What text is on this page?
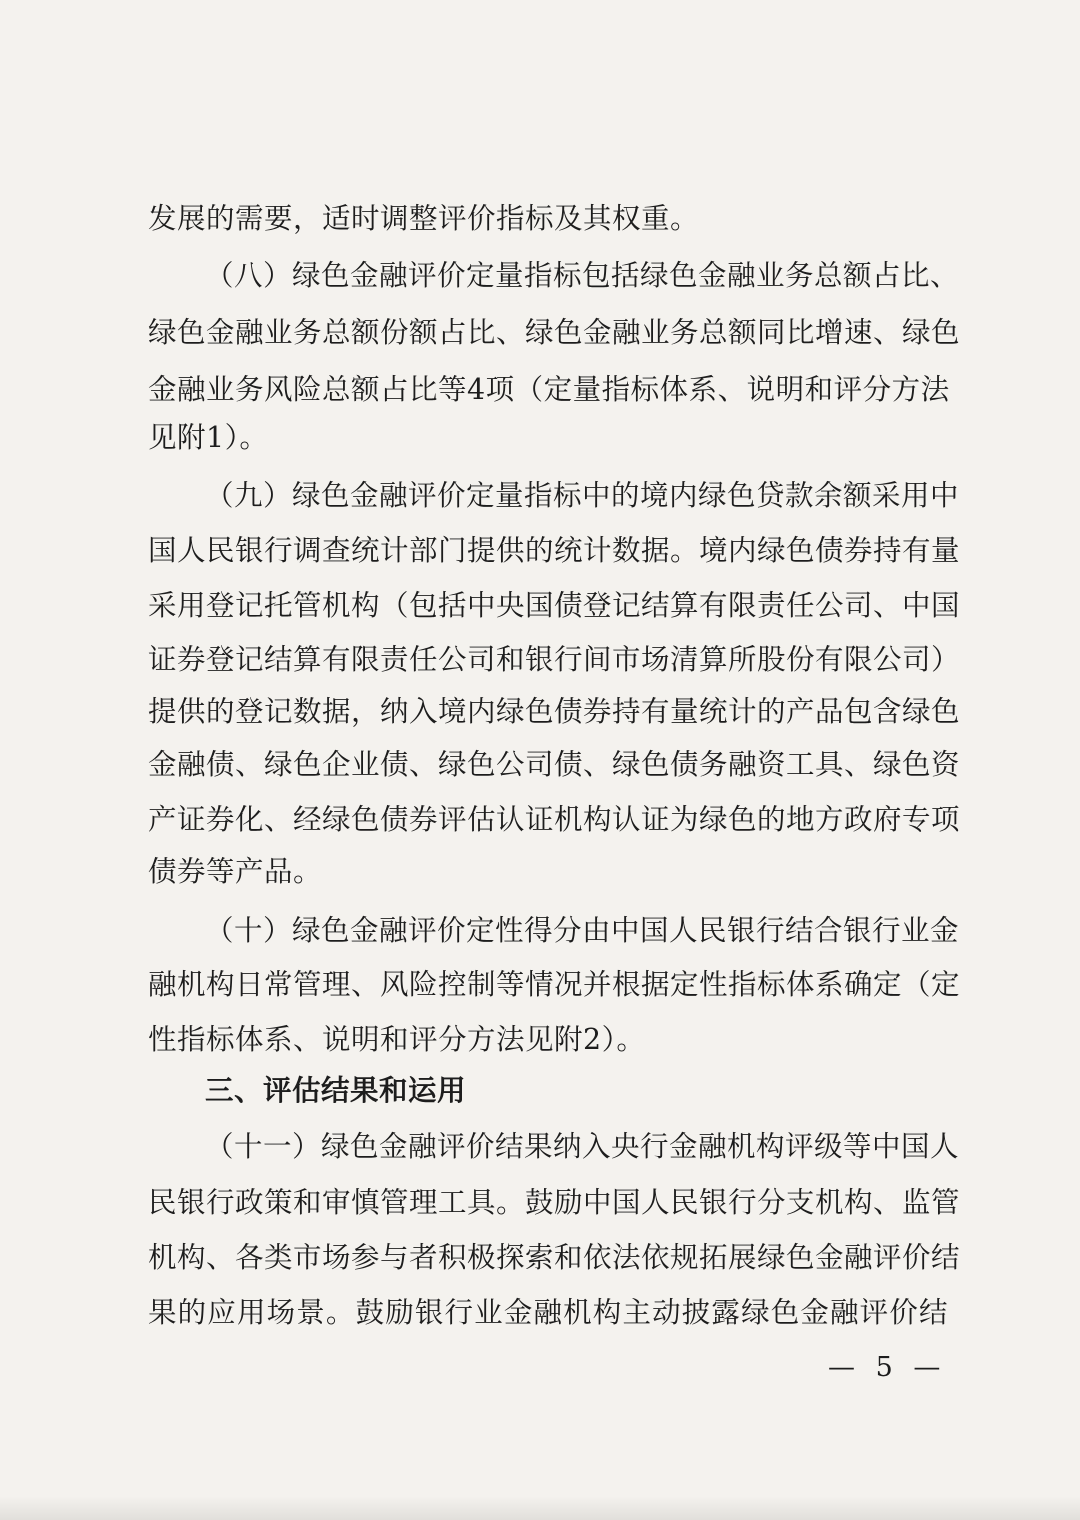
发展的需要，适时调整评价指标及其权重。
（八）绿色金融评价定量指标包括绿色金融业务总额占比、
绿色金融业务总额份额占比、绿色金融业务总额同比增速、绿色
金融业务风险总额占比等4项（定量指标体系、说明和评分方法
见附1）。
（九）绿色金融评价定量指标中的境内绿色贷款余额采用中
国人民银行调查统计部门提供的统计数据。境内绿色债券持有量
采用登记托管机构（包括中央国债登记结算有限责任公司、中国
证券登记结算有限责任公司和银行间市场清算所股份有限公司）
提供的登记数据，纳入境内绿色债券持有量统计的产品包含绿色
金融债、绿色企业债、绿色公司债、绿色债务融资工具、绿色资
产证券化、经绿色债券评估认证机构认证为绿色的地方政府专项
债券等产品。
（十）绿色金融评价定性得分由中国人民银行结合银行业金
融机构日常管理、风险控制等情况并根据定性指标体系确定（定
性指标体系、说明和评分方法见附2）。
三、评估结果和运用
（十一）绿色金融评价结果纳入央行金融机构评级等中国人
民银行政策和审慎管理工具。鼓励中国人民银行分支机构、监管
机构、各类市场参与者积极探索和依法依规拓展绿色金融评价结
果的应用场景。鼓励银行业金融机构主动披露绿色金融评价结
— 5 —
